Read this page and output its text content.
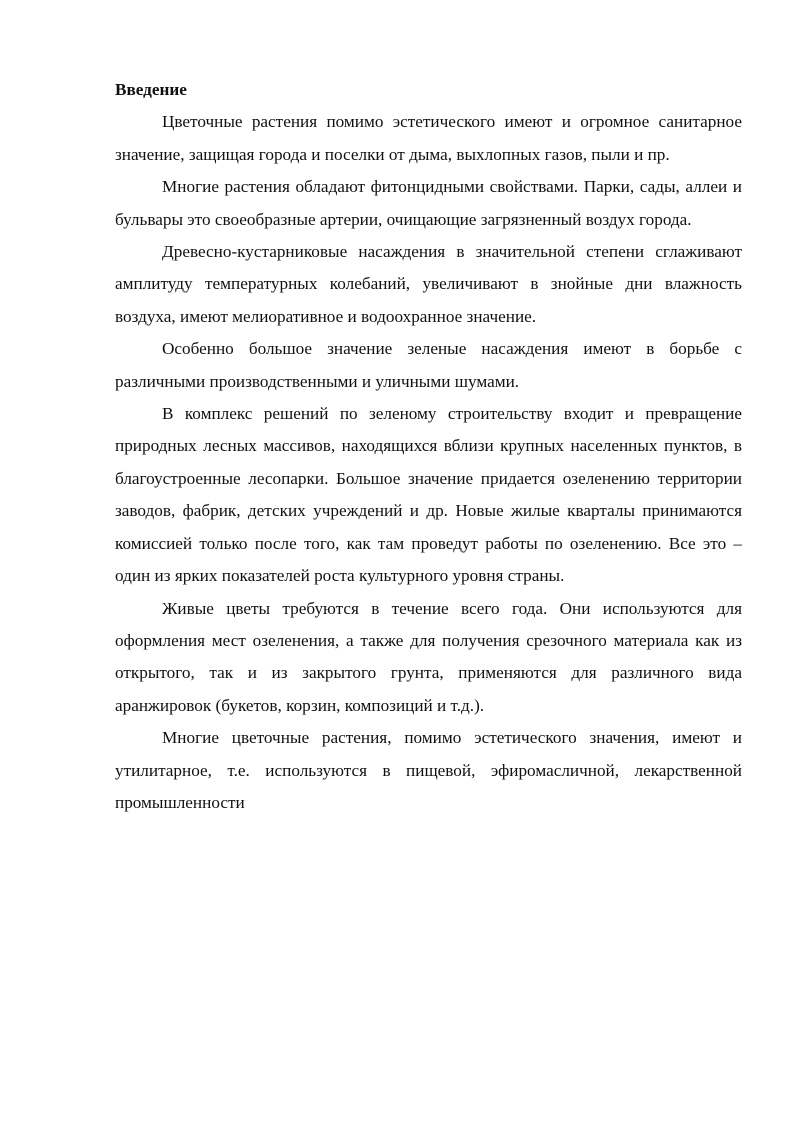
Введение

Цветочные растения помимо эстетического имеют и огромное санитарное значение, защищая города и поселки от дыма, выхлопных газов, пыли и пр.

Многие растения обладают фитонцидными свойствами. Парки, сады, аллеи и бульвары это своеобразные артерии, очищающие загрязненный воздух города.

Древесно-кустарниковые насаждения в значительной степени сглаживают амплитуду температурных колебаний, увеличивают в знойные дни влажность воздуха, имеют мелиоративное и водоохранное значение.

Особенно большое значение зеленые насаждения имеют в борьбе с различными производственными и уличными шумами.

В комплекс решений по зеленому строительству входит и превращение природных лесных массивов, находящихся вблизи крупных населенных пунктов, в благоустроенные лесопарки. Большое значение придается озеленению территории заводов, фабрик, детских учреждений и др. Новые жилые кварталы принимаются комиссией только после того, как там проведут работы по озеленению. Все это – один из ярких показателей роста культурного уровня страны.

Живые цветы требуются в течение всего года. Они используются для оформления мест озеленения, а также для получения срезочного материала как из открытого, так и из закрытого грунта, применяются для различного вида аранжировок (букетов, корзин, композиций и т.д.).

Многие цветочные растения, помимо эстетического значения, имеют и утилитарное, т.е. используются в пищевой, эфиромасличной, лекарственной промышленности
